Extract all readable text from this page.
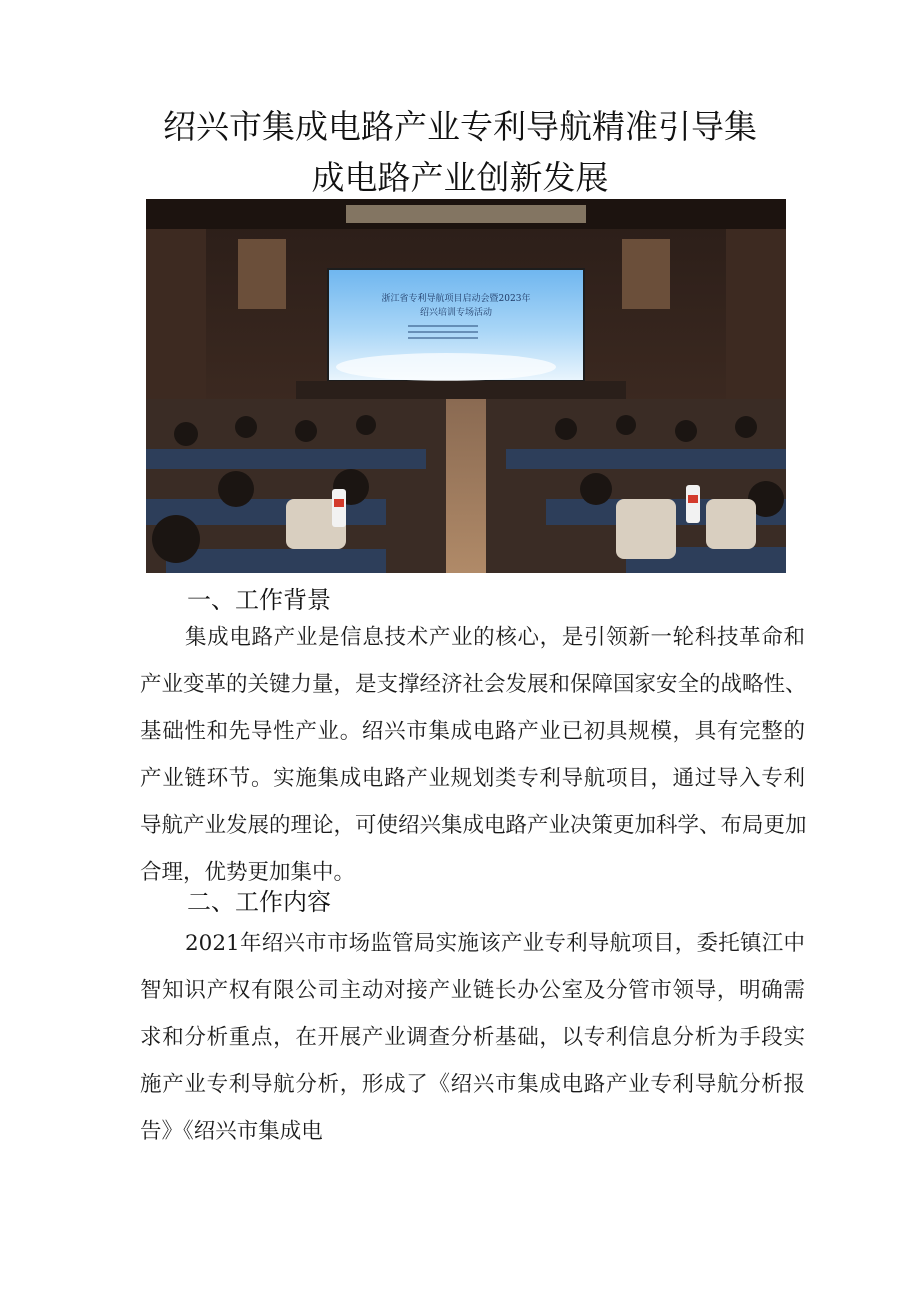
绍兴市集成电路产业专利导航精准引导集
成电路产业创新发展
浙江省专利导航项目启动会暨2023年
绍兴培训专场活动
一、工作背景
集成电路产业是信息技术产业的核心，是引领新一轮科技革命和
产业变革的关键力量，是支撑经济社会发展和保障国家安全的战略性、
基础性和先导性产业。绍兴市集成电路产业已初具规模，具有完整的
产业链环节。实施集成电路产业规划类专利导航项目，通过导入专利
导航产业发展的理论，可使绍兴集成电路产业决策更加科学、布局更加
合理，优势更加集中。
二、工作内容
2021年绍兴市市场监管局实施该产业专利导航项目，委托镇江中
智知识产权有限公司主动对接产业链长办公室及分管市领导，明确需
求和分析重点，在开展产业调查分析基础，以专利信息分析为手段实
施产业专利导航分析，形成了《绍兴市集成电路产业专利导航分析报
告》《绍兴市集成电
